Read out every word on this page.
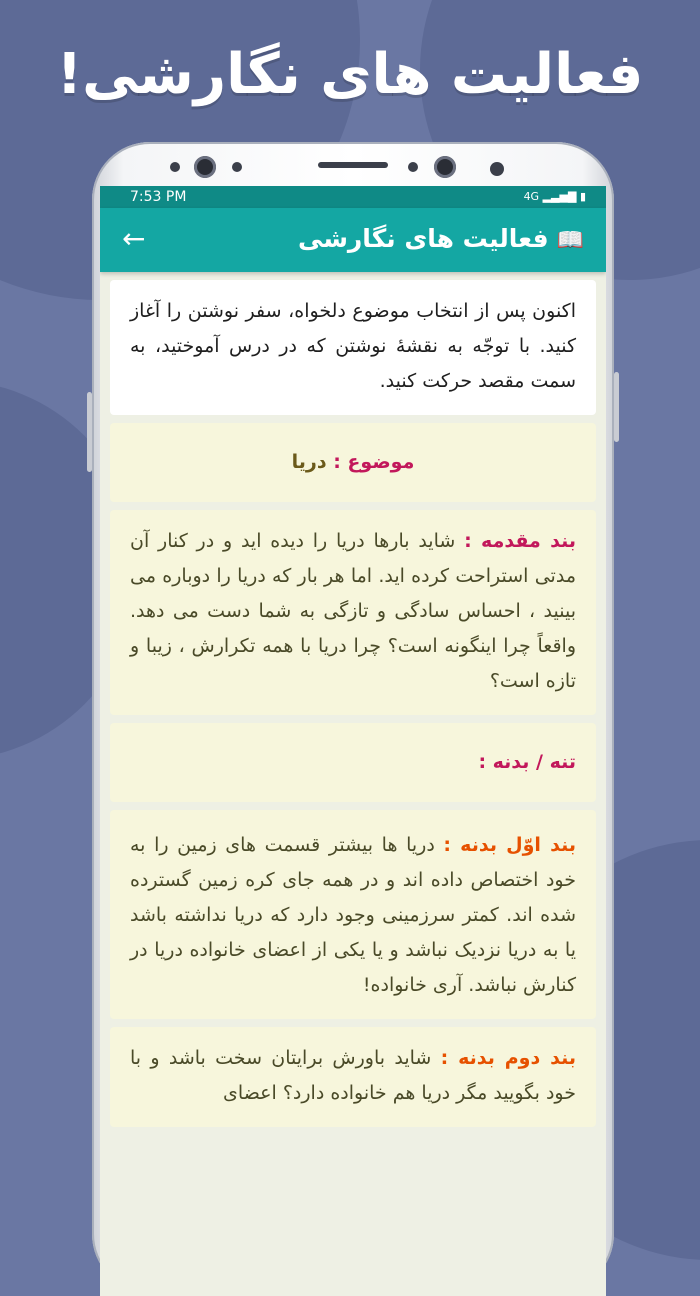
فعالیت های نگارشی!
7:53 PM	4G ▂▃▅▇ ▮
←	📖فعالیت های نگارشی
اکنون پس از انتخاب موضوع دلخواه، سفر نوشتن را آغاز کنید. با توجّه به نقشهٔ نوشتن که در درس آموختید، به سمت مقصد حرکت کنید.
موضوع : دریا
بند مقدمه : شاید بارها دریا را دیده اید و در کنار آن مدتی استراحت کرده اید. اما هر بار که دریا را دوباره می بینید ، احساس سادگی و تازگی به شما دست می دهد. واقعاً چرا اینگونه است؟ چرا دریا با همه تکرارش ، زیبا و تازه است؟
تنه / بدنه :
بند اوّل بدنه : دریا ها بیشتر قسمت های زمین را به خود اختصاص داده اند و در همه جای کره زمین گسترده شده اند. کمتر سرزمینی وجود دارد که دریا نداشته باشد یا به دریا نزدیک نباشد و یا یکی از اعضای خانواده دریا در کنارش نباشد. آری خانواده!
بند دوم بدنه : شاید باورش برایتان سخت باشد و با خود بگویید مگر دریا هم خانواده دارد؟ اعضای
